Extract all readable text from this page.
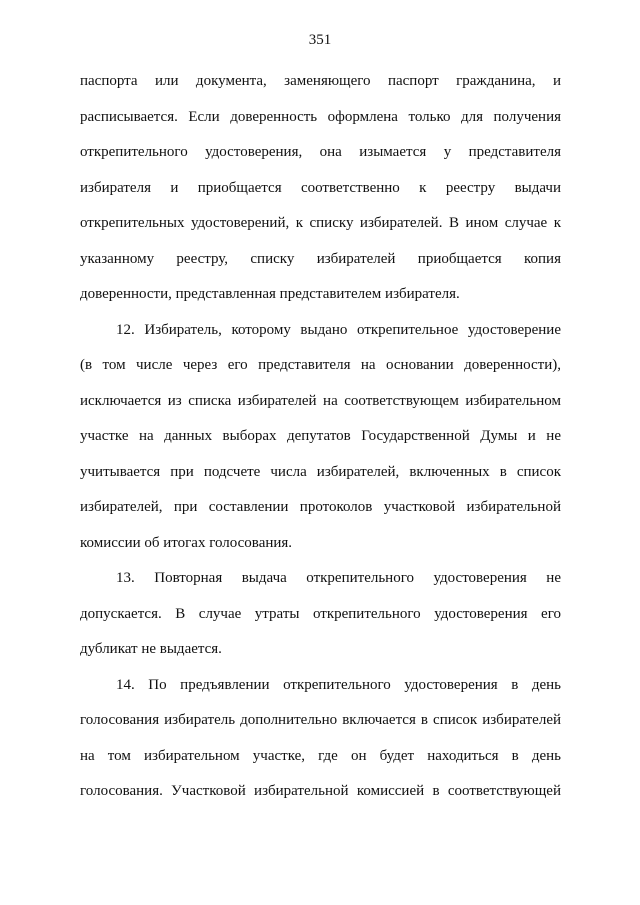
351
паспорта или документа, заменяющего паспорт гражданина, и
расписывается. Если доверенность оформлена только для получения
открепительного удостоверения, она изымается у представителя
избирателя и приобщается соответственно к реестру выдачи
открепительных удостоверений, к списку избирателей. В ином случае к
указанному реестру, списку избирателей приобщается копия
доверенности, представленная представителем избирателя.
12. Избиратель, которому выдано открепительное удостоверение
(в том числе через его представителя на основании доверенности),
исключается из списка избирателей на соответствующем избирательном
участке на данных выборах депутатов Государственной Думы и не
учитывается при подсчете числа избирателей, включенных в список
избирателей, при составлении протоколов участковой избирательной
комиссии об итогах голосования.
13. Повторная выдача открепительного удостоверения не
допускается. В случае утраты открепительного удостоверения его
дубликат не выдается.
14. По предъявлении открепительного удостоверения в день
голосования избиратель дополнительно включается в список избирателей
на том избирательном участке, где он будет находиться в день
голосования. Участковой избирательной комиссией в соответствующей
